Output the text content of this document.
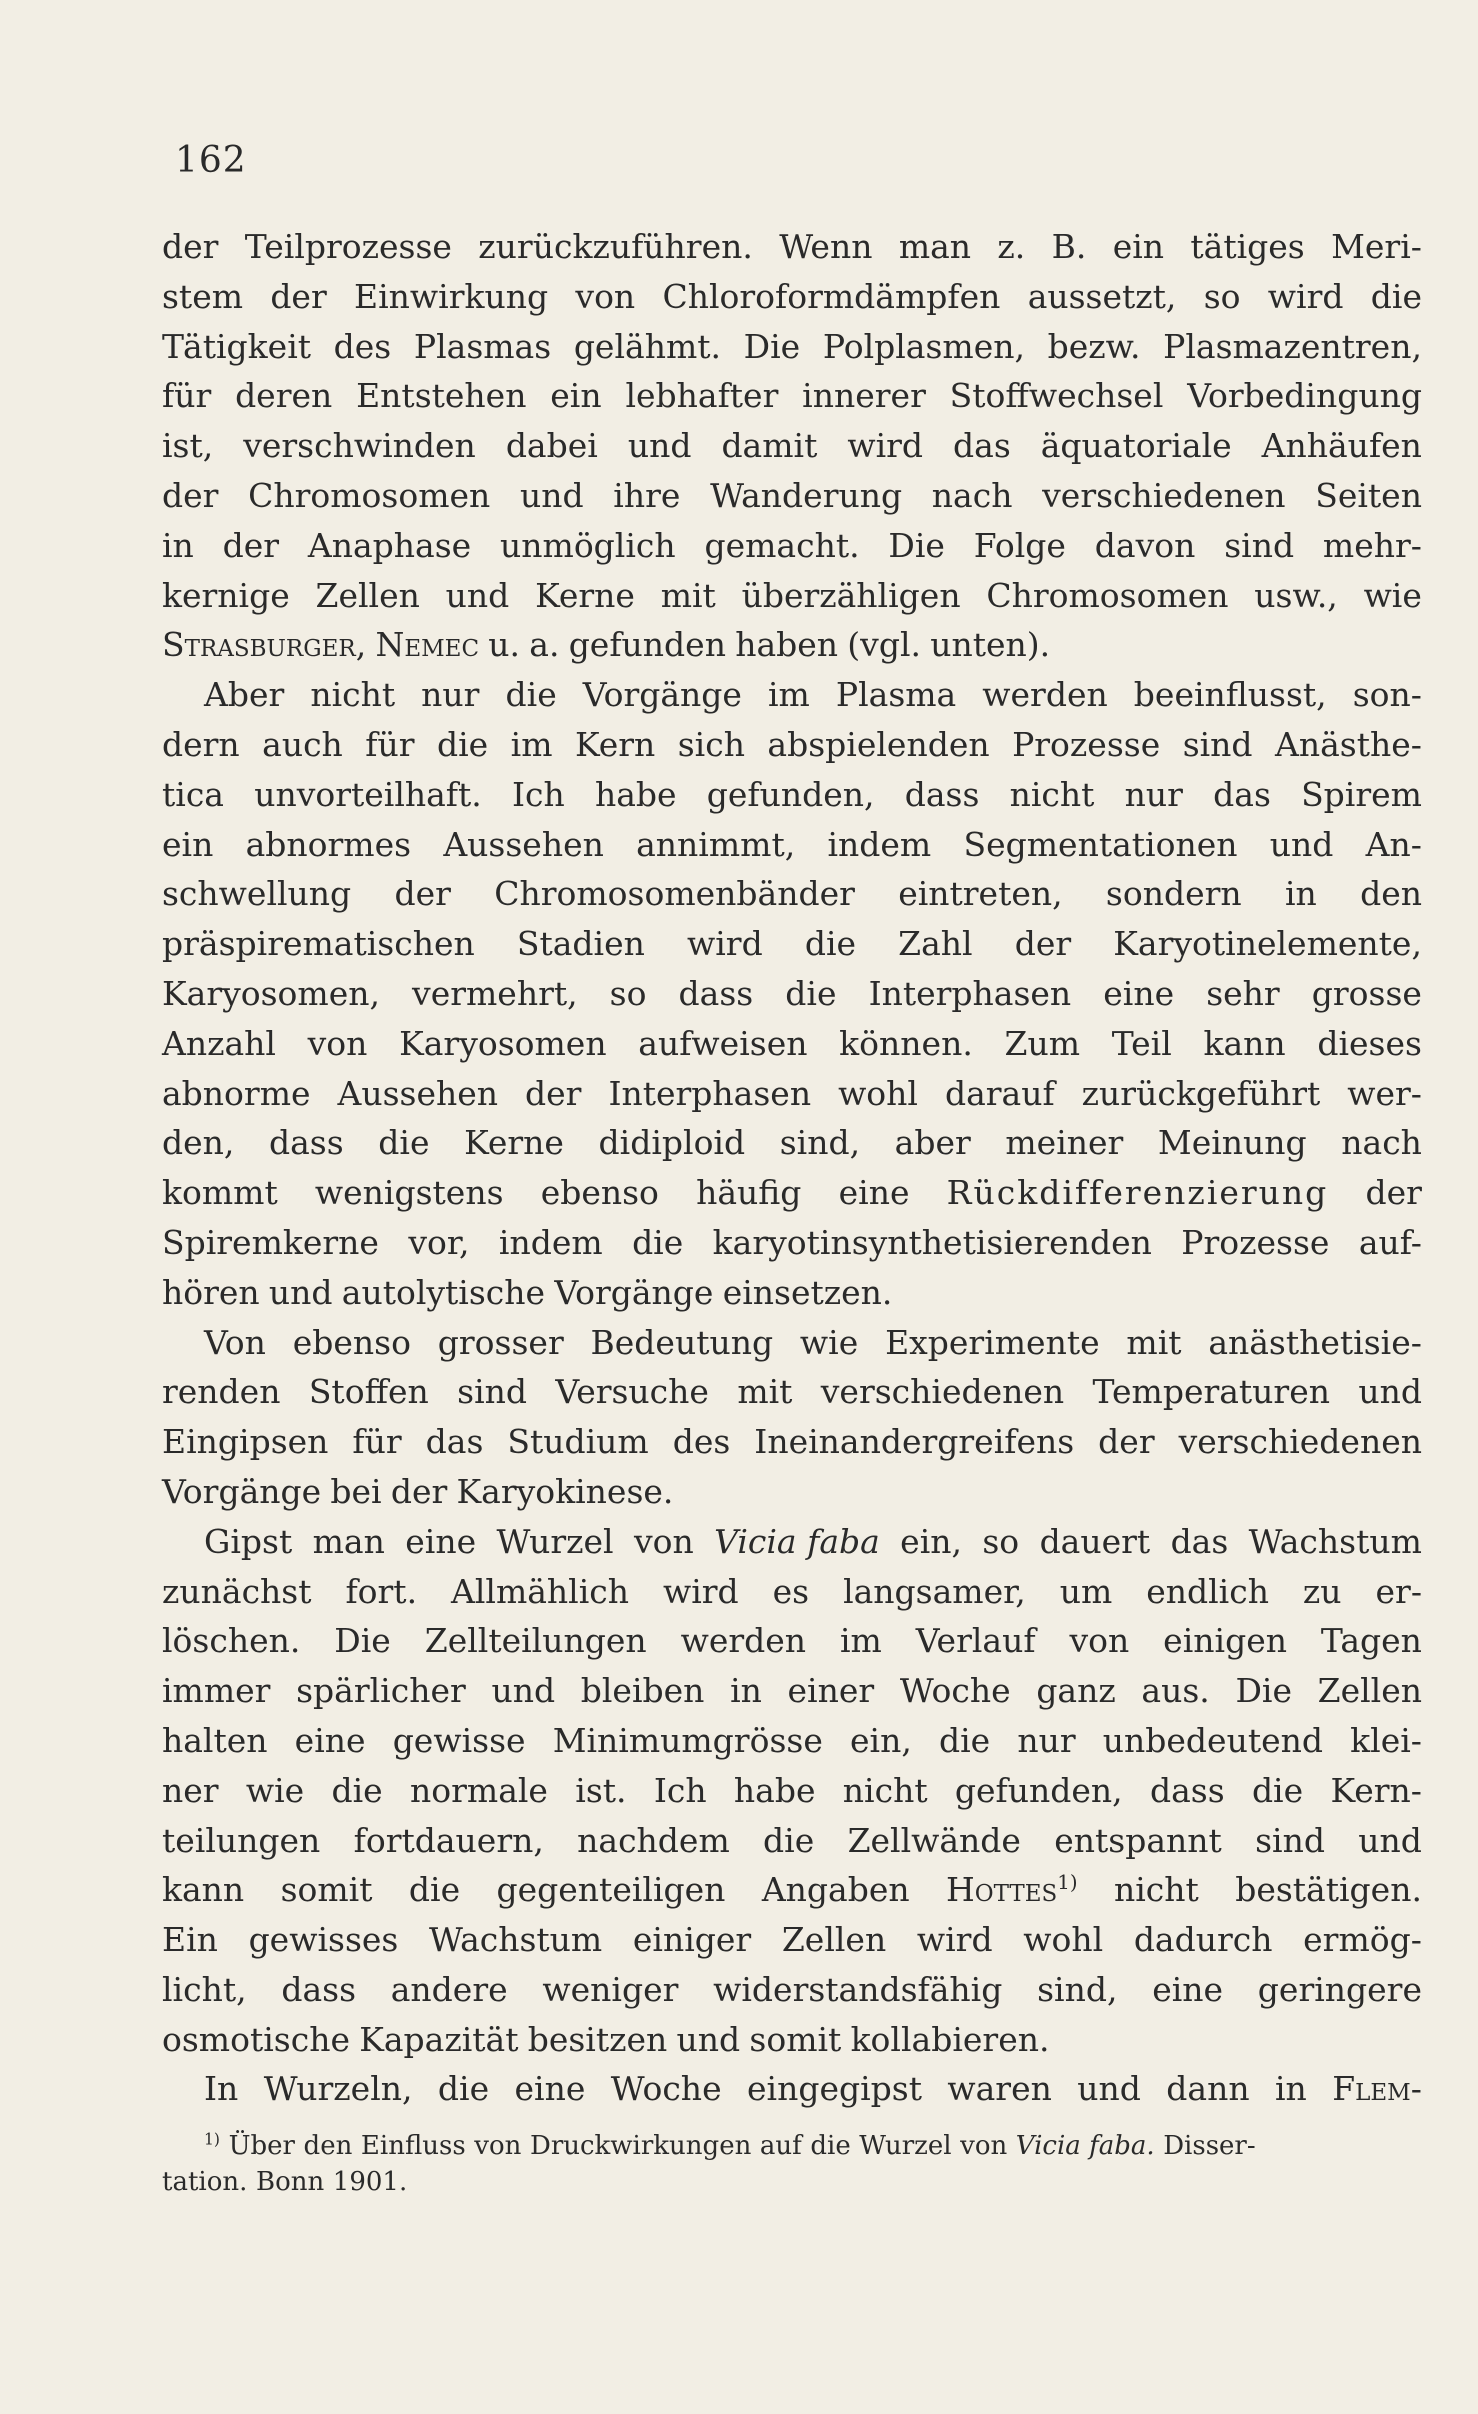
162
der Teilprozesse zurückzuführen. Wenn man z. B. ein tätiges Meri-
stem der Einwirkung von Chloroformdämpfen aussetzt, so wird die
Tätigkeit des Plasmas gelähmt. Die Polplasmen, bezw. Plasmazentren,
für deren Entstehen ein lebhafter innerer Stoffwechsel Vorbedingung
ist, verschwinden dabei und damit wird das äquatoriale Anhäufen
der Chromosomen und ihre Wanderung nach verschiedenen Seiten
in der Anaphase unmöglich gemacht. Die Folge davon sind mehr-
kernige Zellen und Kerne mit überzähligen Chromosomen usw., wie
Strasburger, Nemec u. a. gefunden haben (vgl. unten).
Aber nicht nur die Vorgänge im Plasma werden beeinflusst, son-
dern auch für die im Kern sich abspielenden Prozesse sind Anästhe-
tica unvorteilhaft. Ich habe gefunden, dass nicht nur das Spirem
ein abnormes Aussehen annimmt, indem Segmentationen und An-
schwellung der Chromosomenbänder eintreten, sondern in den
präspirematischen Stadien wird die Zahl der Karyotinelemente,
Karyosomen, vermehrt, so dass die Interphasen eine sehr grosse
Anzahl von Karyosomen aufweisen können. Zum Teil kann dieses
abnorme Aussehen der Interphasen wohl darauf zurückgeführt wer-
den, dass die Kerne didiploid sind, aber meiner Meinung nach
kommt wenigstens ebenso häufig eine Rückdifferenzierung der
Spiremkerne vor, indem die karyotinsynthetisierenden Prozesse auf-
hören und autolytische Vorgänge einsetzen.
Von ebenso grosser Bedeutung wie Experimente mit anästhetisie-
renden Stoffen sind Versuche mit verschiedenen Temperaturen und
Eingipsen für das Studium des Ineinandergreifens der verschiedenen
Vorgänge bei der Karyokinese.
Gipst man eine Wurzel von Vicia faba ein, so dauert das Wachstum
zunächst fort. Allmählich wird es langsamer, um endlich zu er-
löschen. Die Zellteilungen werden im Verlauf von einigen Tagen
immer spärlicher und bleiben in einer Woche ganz aus. Die Zellen
halten eine gewisse Minimumgrösse ein, die nur unbedeutend klei-
ner wie die normale ist. Ich habe nicht gefunden, dass die Kern-
teilungen fortdauern, nachdem die Zellwände entspannt sind und
kann somit die gegenteiligen Angaben Hottes$^{1)}$ nicht bestätigen.
Ein gewisses Wachstum einiger Zellen wird wohl dadurch ermög-
licht, dass andere weniger widerstandsfähig sind, eine geringere
osmotische Kapazität besitzen und somit kollabieren.
In Wurzeln, die eine Woche eingegipst waren und dann in Flem-
$^{1)}$ Über den Einfluss von Druckwirkungen auf die Wurzel von Vicia faba. Disser-
tation. Bonn 1901.
